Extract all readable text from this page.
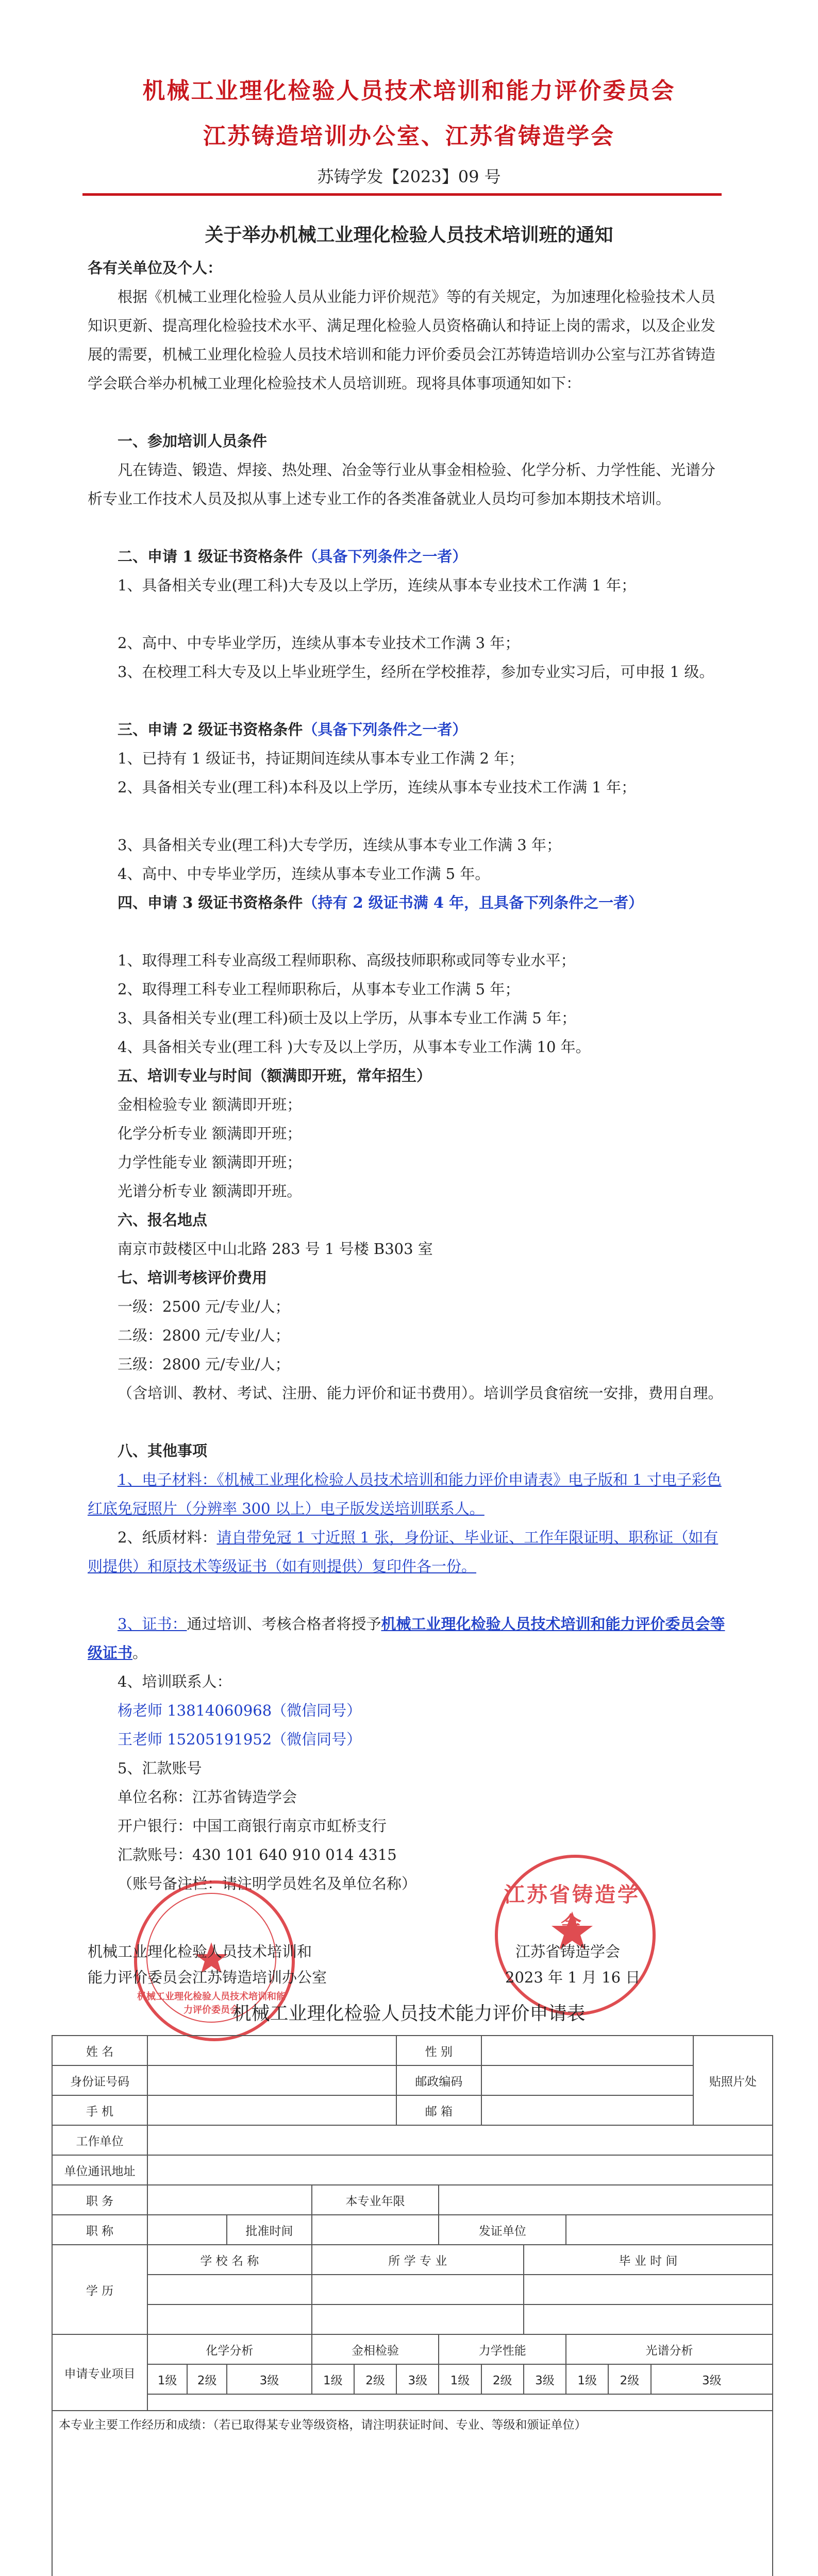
机械工业理化检验人员技术培训和能力评价委员会
江苏铸造培训办公室、江苏省铸造学会
苏铸学发【2023】09 号
关于举办机械工业理化检验人员技术培训班的通知
各有关单位及个人：
根据《机械工业理化检验人员从业能力评价规范》等的有关规定，为加速理化检验技术人员知识更新、提高理化检验技术水平、满足理化检验人员资格确认和持证上岗的需求，以及企业发展的需要，机械工业理化检验人员技术培训和能力评价委员会江苏铸造培训办公室与江苏省铸造学会联合举办机械工业理化检验技术人员培训班。现将具体事项通知如下：
一、参加培训人员条件
凡在铸造、锻造、焊接、热处理、冶金等行业从事金相检验、化学分析、力学性能、光谱分析专业工作技术人员及拟从事上述专业工作的各类准备就业人员均可参加本期技术培训。
二、申请 1 级证书资格条件（具备下列条件之一者）
1、具备相关专业(理工科)大专及以上学历，连续从事本专业技术工作满 1 年；
2、高中、中专毕业学历，连续从事本专业技术工作满 3 年；
3、在校理工科大专及以上毕业班学生，经所在学校推荐，参加专业实习后，可申报 1 级。
三、申请 2 级证书资格条件（具备下列条件之一者）
1、已持有 1 级证书，持证期间连续从事本专业工作满 2 年；
2、具备相关专业(理工科)本科及以上学历，连续从事本专业技术工作满 1 年；
3、具备相关专业(理工科)大专学历，连续从事本专业工作满 3 年；
4、高中、中专毕业学历，连续从事本专业工作满 5 年。
四、申请 3 级证书资格条件（持有 2 级证书满 4 年，且具备下列条件之一者）
1、取得理工科专业高级工程师职称、高级技师职称或同等专业水平；
2、取得理工科专业工程师职称后，从事本专业工作满 5 年；
3、具备相关专业(理工科)硕士及以上学历，从事本专业工作满 5 年；
4、具备相关专业(理工科 )大专及以上学历，从事本专业工作满 10 年。
五、培训专业与时间（额满即开班，常年招生）
金相检验专业 额满即开班；
化学分析专业 额满即开班；
力学性能专业 额满即开班；
光谱分析专业 额满即开班。
六、报名地点
南京市鼓楼区中山北路 283 号 1 号楼 B303 室
七、培训考核评价费用
一级：2500 元/专业/人；
二级：2800 元/专业/人；
三级：2800 元/专业/人；
（含培训、教材、考试、注册、能力评价和证书费用）。培训学员食宿统一安排，费用自理。
八、其他事项
1、电子材料：《机械工业理化检验人员技术培训和能力评价申请表》电子版和 1 寸电子彩色红底免冠照片（分辨率 300 以上）电子版发送培训联系人。
2、纸质材料：请自带免冠 1 寸近照 1 张，身份证、毕业证、工作年限证明、职称证（如有则提供）和原技术等级证书（如有则提供）复印件各一份。
3、证书：通过培训、考核合格者将授予机械工业理化检验人员技术培训和能力评价委员会等级证书。
4、培训联系人：
杨老师 13814060968（微信同号）
王老师 15205191952（微信同号）
5、汇款账号
单位名称：江苏省铸造学会
开户银行：中国工商银行南京市虹桥支行
汇款账号：430 101 640 910 014 4315
（账号备注栏：请注明学员姓名及单位名称）
机械工业理化检验人员技术培训和能力评价委员会
江苏省铸造学会
机械工业理化检验人员技术培训和
能力评价委员会江苏铸造培训办公室
江苏省铸造学会
2023 年 1 月 16 日
机械工业理化检验人员技术能力评价申请表
姓 名						性 别							贴照片处
身份证号码						邮政编码							
手 机						邮 箱							
工作单位													
单位通讯地址													
职 务				本专业年限									
职 称			批准时间				发证单位						
学 历	学 校 名 称			所 学 专 业					毕 业 时 间				

申请专业项目	化学分析			金相检验			力学性能			光谱分析			
	1级	2级	3级	1级	2级	3级	1级	2级	3级	1级	2级	3级	

本专业主要工作经历和成绩：（若已取得某专业等级资格，请注明获证时间、专业、等级和颁证单位）													
